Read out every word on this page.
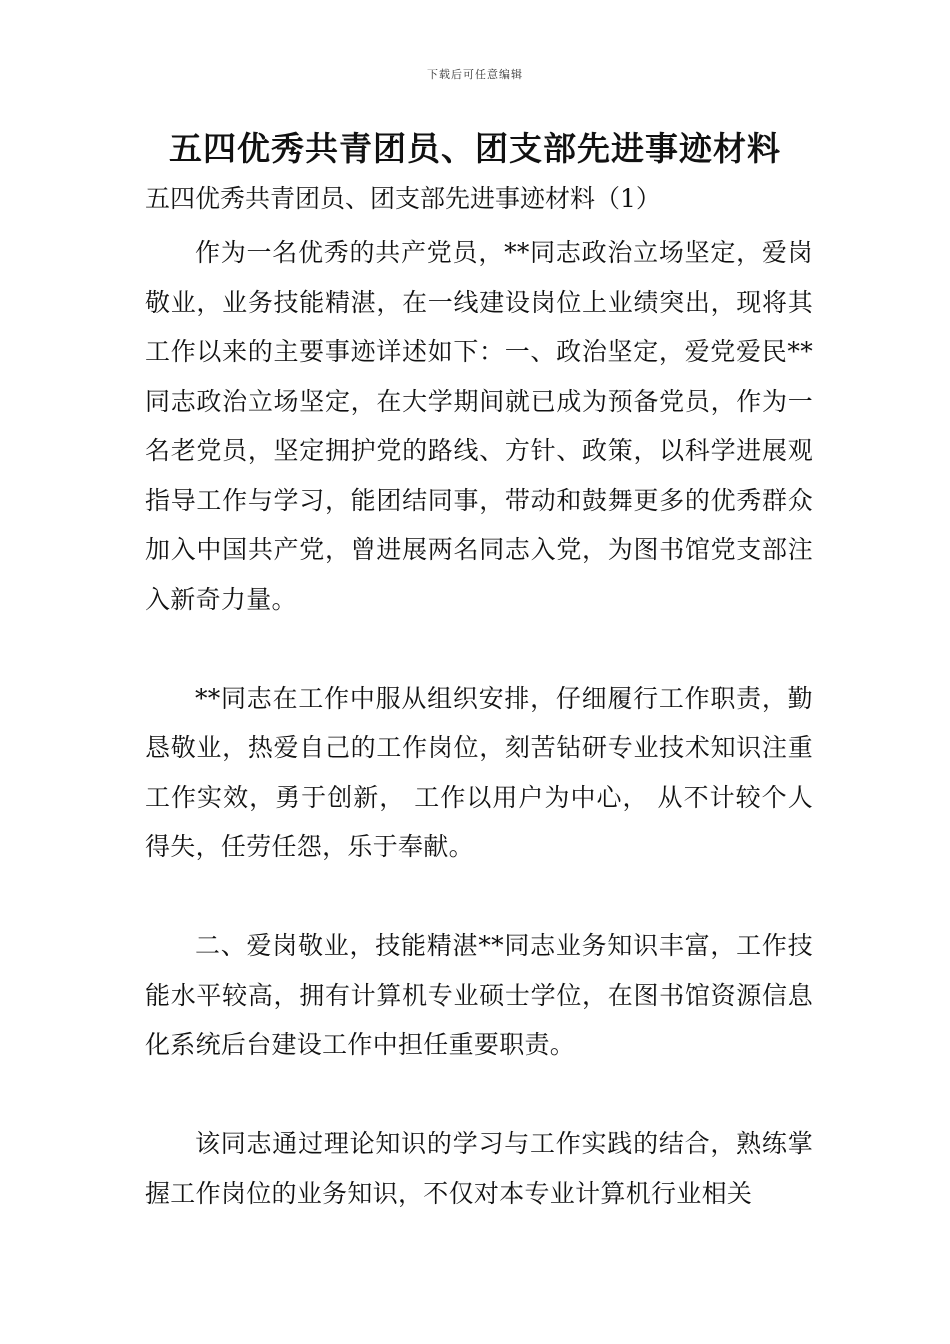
下载后可任意编辑
五四优秀共青团员、团支部先进事迹材料

五四优秀共青团员、团支部先进事迹材料（1）

作为一名优秀的共产党员，**同志政治立场坚定，爱岗敬业，业务技能精湛，在一线建设岗位上业绩突出，现将其工作以来的主要事迹详述如下：一、政治坚定，爱党爱民**同志政治立场坚定，在大学期间就已成为预备党员，作为一名老党员，坚定拥护党的路线、方针、政策，以科学进展观指导工作与学习，能团结同事，带动和鼓舞更多的优秀群众加入中国共产党，曾进展两名同志入党，为图书馆党支部注入新奇力量。

**同志在工作中服从组织安排，仔细履行工作职责，勤恳敬业，热爱自己的工作岗位，刻苦钻研专业技术知识注重工作实效，勇于创新， 工作以用户为中心， 从不计较个人得失，任劳任怨，乐于奉献。

二、爱岗敬业，技能精湛**同志业务知识丰富，工作技能水平较高，拥有计算机专业硕士学位，在图书馆资源信息化系统后台建设工作中担任重要职责。

该同志通过理论知识的学习与工作实践的结合，熟练掌握工作岗位的业务知识，不仅对本专业计算机行业相关
